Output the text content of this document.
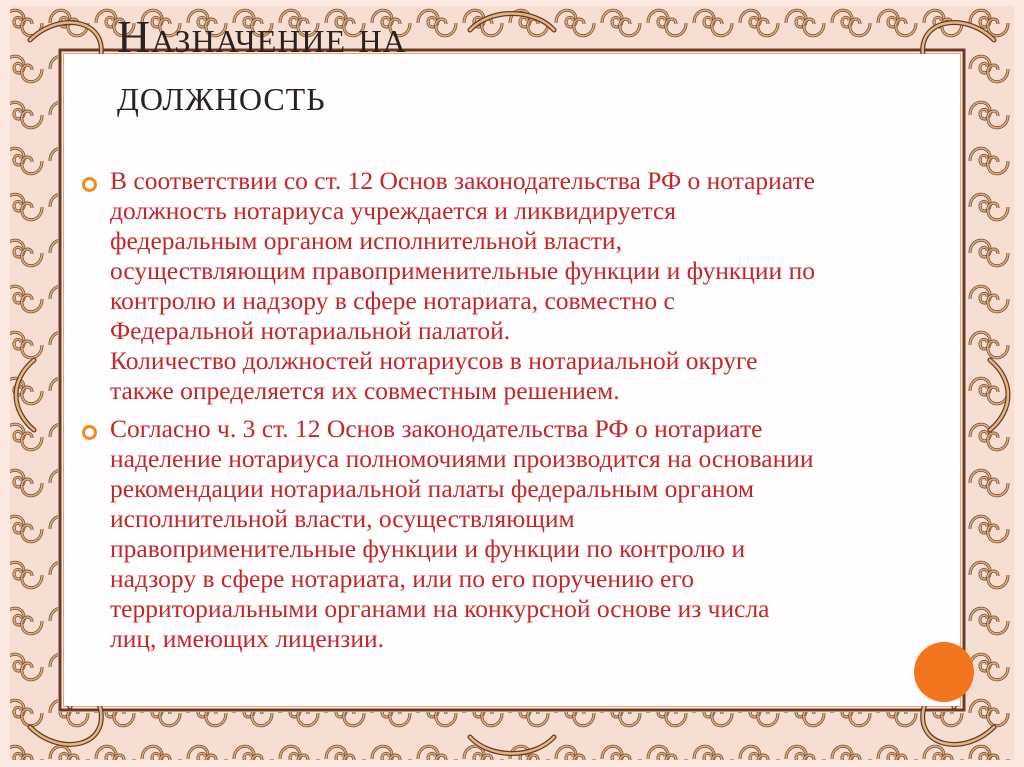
Назначение на
должность
В соответствии со ст. 12 Основ законодательства РФ о нотариате
должность нотариуса учреждается и ликвидируется
федеральным органом исполнительной власти,
осуществляющим правоприменительные функции и функции по
контролю и надзору в сфере нотариата, совместно с
Федеральной нотариальной палатой.
Количество должностей нотариусов в нотариальной округе
также определяется их совместным решением.
Согласно ч. 3 ст. 12 Основ законодательства РФ о нотариате
наделение нотариуса полномочиями производится на основании
рекомендации нотариальной палаты федеральным органом
исполнительной власти, осуществляющим
правоприменительные функции и функции по контролю и
надзору в сфере нотариата, или по его поручению его
территориальными органами на конкурсной основе из числа
лиц, имеющих лицензии.
